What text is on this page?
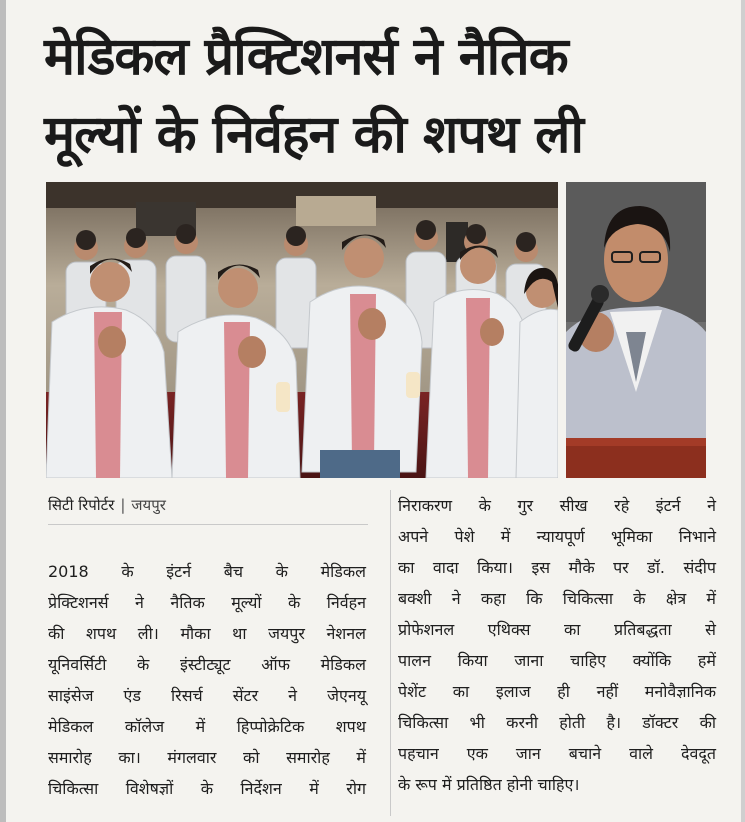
मेडिकल प्रैक्टिशनर्स ने नैतिक
मूल्यों के निर्वहन की शपथ ली
सिटी रिपोर्टर | जयपुर
2018 के इंटर्न बैच के मेडिकल
प्रेक्टिशनर्स ने नैतिक मूल्यों के निर्वहन
की शपथ ली। मौका था जयपुर नेशनल
यूनिवर्सिटी के इंस्टीट्यूट ऑफ मेडिकल
साइंसेज एंड रिसर्च सेंटर ने जेएनयू
मेडिकल कॉलेज में हिप्पोक्रेटिक शपथ
समारोह का। मंगलवार को समारोह में
चिकित्सा विशेषज्ञों के निर्देशन में रोग
निराकरण के गुर सीख रहे इंटर्न ने
अपने पेशे में न्यायपूर्ण भूमिका निभाने
का वादा किया। इस मौके पर डॉ. संदीप
बक्शी ने कहा कि चिकित्सा के क्षेत्र में
प्रोफेशनल एथिक्स का प्रतिबद्धता से
पालन किया जाना चाहिए क्योंकि हमें
पेशेंट का इलाज ही नहीं मनोवैज्ञानिक
चिकित्सा भी करनी होती है। डॉक्टर की
पहचान एक जान बचाने वाले देवदूत
के रूप में प्रतिष्ठित होनी चाहिए।
